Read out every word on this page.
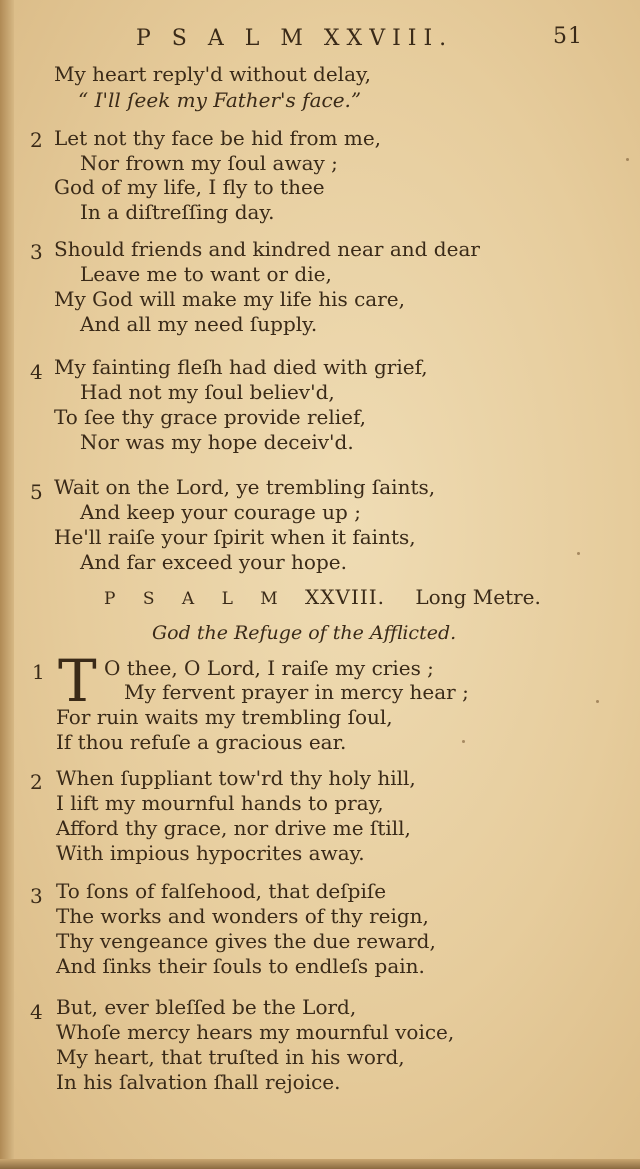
P S A L M XXVIII.	51
My heart reply'd without delay,
“ I'll ſeek my Father's face.”
2 Let not thy face be hid from me,
Nor frown my ſoul away ;
God of my life, I fly to thee
In a diſtreſſing day.
3 Should friends and kindred near and dear
Leave me to want or die,
My God will make my life his care,
And all my need ſupply.
4 My fainting fleſh had died with grief,
Had not my ſoul believ'd,
To ſee thy grace provide relief,
Nor was my hope deceiv'd.
5 Wait on the Lord, ye trembling ſaints,
And keep your courage up ;
He'll raiſe your ſpirit when it faints,
And far exceed your hope.
P S A L M XXVIII. Long Metre.
God the Refuge of the Afflicted.
1 T O thee, O Lord, I raiſe my cries ;
My fervent prayer in mercy hear ;
For ruin waits my trembling ſoul,
If thou refuſe a gracious ear.
2 When ſuppliant tow'rd thy holy hill,
I lift my mournful hands to pray,
Afford thy grace, nor drive me ſtill,
With impious hypocrites away.
3 To ſons of falſehood, that deſpiſe
The works and wonders of thy reign,
Thy vengeance gives the due reward,
And ſinks their ſouls to endleſs pain.
4 But, ever bleſſed be the Lord,
Whoſe mercy hears my mournful voice,
My heart, that truſted in his word,
In his ſalvation ſhall rejoice.
